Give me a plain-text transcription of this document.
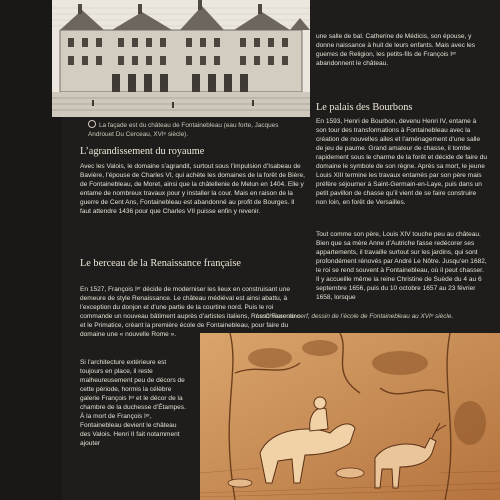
La façade est du château de Fontainebleau (eau forte, Jacques Androuet Du Cerceau, XVIᵉ siècle).
L’agrandissement du royaume

Avec les Valois, le domaine s’agrandit, surtout sous l’impulsion d’Isabeau de Bavière, l’épouse de Charles VI, qui achète les domaines de la forêt de Bière, de Fontainebleau, de Moret, ainsi que la châtellenie de Melun en 1404. Elle y entame de nombreux travaux pour y installer la cour. Mais en raison de la guerre de Cent Ans, Fontainebleau est abandonné au profit de Bourges. Il faut attendre 1436 pour que Charles VII puisse enfin y revenir.

Le berceau de la Renaissance française

En 1527, François Iᵉʳ décide de moderniser les lieux en construisant une demeure de style Renaissance. Le château médiéval est ainsi abattu, à l’exception du donjon et d’une partie de la courtine nord. Puis le roi commande un nouveau bâtiment auprès d’artistes italiens, Rosso Fiorentino et le Primatice, créant la première école de Fontainebleau, pour faire du domaine une « nouvelle Rome ».

Si l’architecture extérieure est toujours en place, il reste malheureusement peu de décors de cette période, hormis la célèbre galerie François Iᵉʳ et le décor de la chambre de la duchesse d’Étampes. À la mort de François Iᵉʳ, Fontainebleau devient le château des Valois. Henri II fait notamment ajouter

une salle de bal. Catherine de Médicis, son épouse, y donne naissance à huit de leurs enfants. Mais avec les guerres de Religion, les petits-fils de François Iᵉʳ abandonnent le château.

Le palais des Bourbons

En 1593, Henri de Bourbon, devenu Henri IV, entame à son tour des transformations à Fontainebleau avec la création de nouvelles ailes et l’aménagement d’une salle de jeu de paume. Grand amateur de chasse, il tombe rapidement sous le charme de la forêt et décide de faire du domaine le symbole de son règne. Après sa mort, le jeune Louis XIII termine les travaux entamés par son père mais préfère séjourner à Saint-Germain-en-Laye, puis dans un petit pavillon de chasse qu’il vient de se faire construire non loin, en forêt de Versailles.

Tout comme son père, Louis XIV touche peu au château. Bien que sa mère Anne d’Autriche fasse redécorer ses appartements, il travaille surtout sur les jardins, qui sont profondément rénovés par André Le Nôtre. Jusqu’en 1682, le roi se rend souvent à Fontainebleau, où il peut chasser. Il y accueille même la reine Christine de Suède du 4 au 6 septembre 1656, puis du 10 octobre 1657 au 23 février 1658, lorsque

La Chasse au cerf, dessin de l’école de Fontainebleau au XVIᵉ siècle.
